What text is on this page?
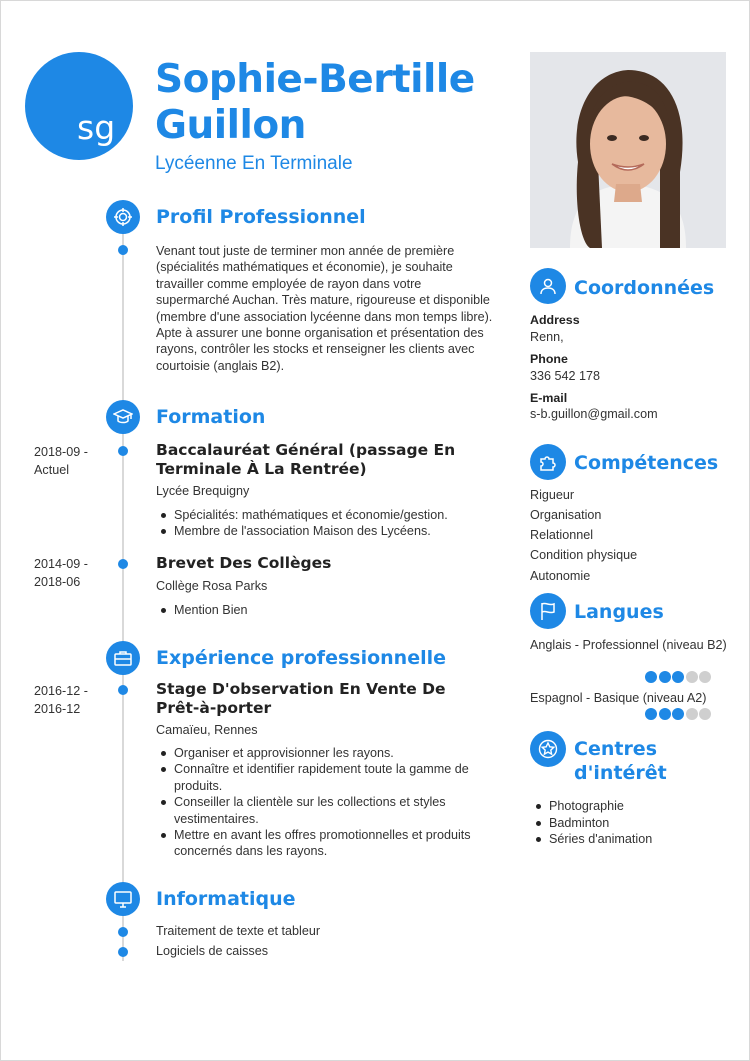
sg
Sophie-Bertille Guillon
Lycéenne En Terminale
Profil Professionnel
Venant tout juste de terminer mon année de première (spécialités mathématiques et économie), je souhaite travailler comme employée de rayon dans votre supermarché Auchan. Très mature, rigoureuse et disponible (membre d'une association lycéenne dans mon temps libre). Apte à assurer une bonne organisation et présentation des rayons, contrôler les stocks et renseigner les clients avec courtoisie (anglais B2).
Formation
2018-09 - Actuel
Baccalauréat Général (passage En Terminale À La Rentrée)
Lycée Brequigny
Spécialités: mathématiques et économie/gestion.
Membre de l'association Maison des Lycéens.
2014-09 - 2018-06
Brevet Des Collèges
Collège Rosa Parks
Mention Bien
Expérience professionnelle
2016-12 - 2016-12
Stage D'observation En Vente De Prêt-à-porter
Camaïeu, Rennes
Organiser et approvisionner les rayons.
Connaître et identifier rapidement toute la gamme de produits.
Conseiller la clientèle sur les collections et styles vestimentaires.
Mettre en avant les offres promotionnelles et produits concernés dans les rayons.
Informatique
Traitement de texte et tableur
Logiciels de caisses
Coordonnées
Address
Renn,
Phone
336 542 178
E-mail
s-b.guillon@gmail.com
Compétences
Rigueur
Organisation
Relationnel
Condition physique
Autonomie
Langues
Anglais - Professionnel (niveau B2)
Espagnol - Basique (niveau A2)
Centres d'intérêt
Photographie
Badminton
Séries d'animation
